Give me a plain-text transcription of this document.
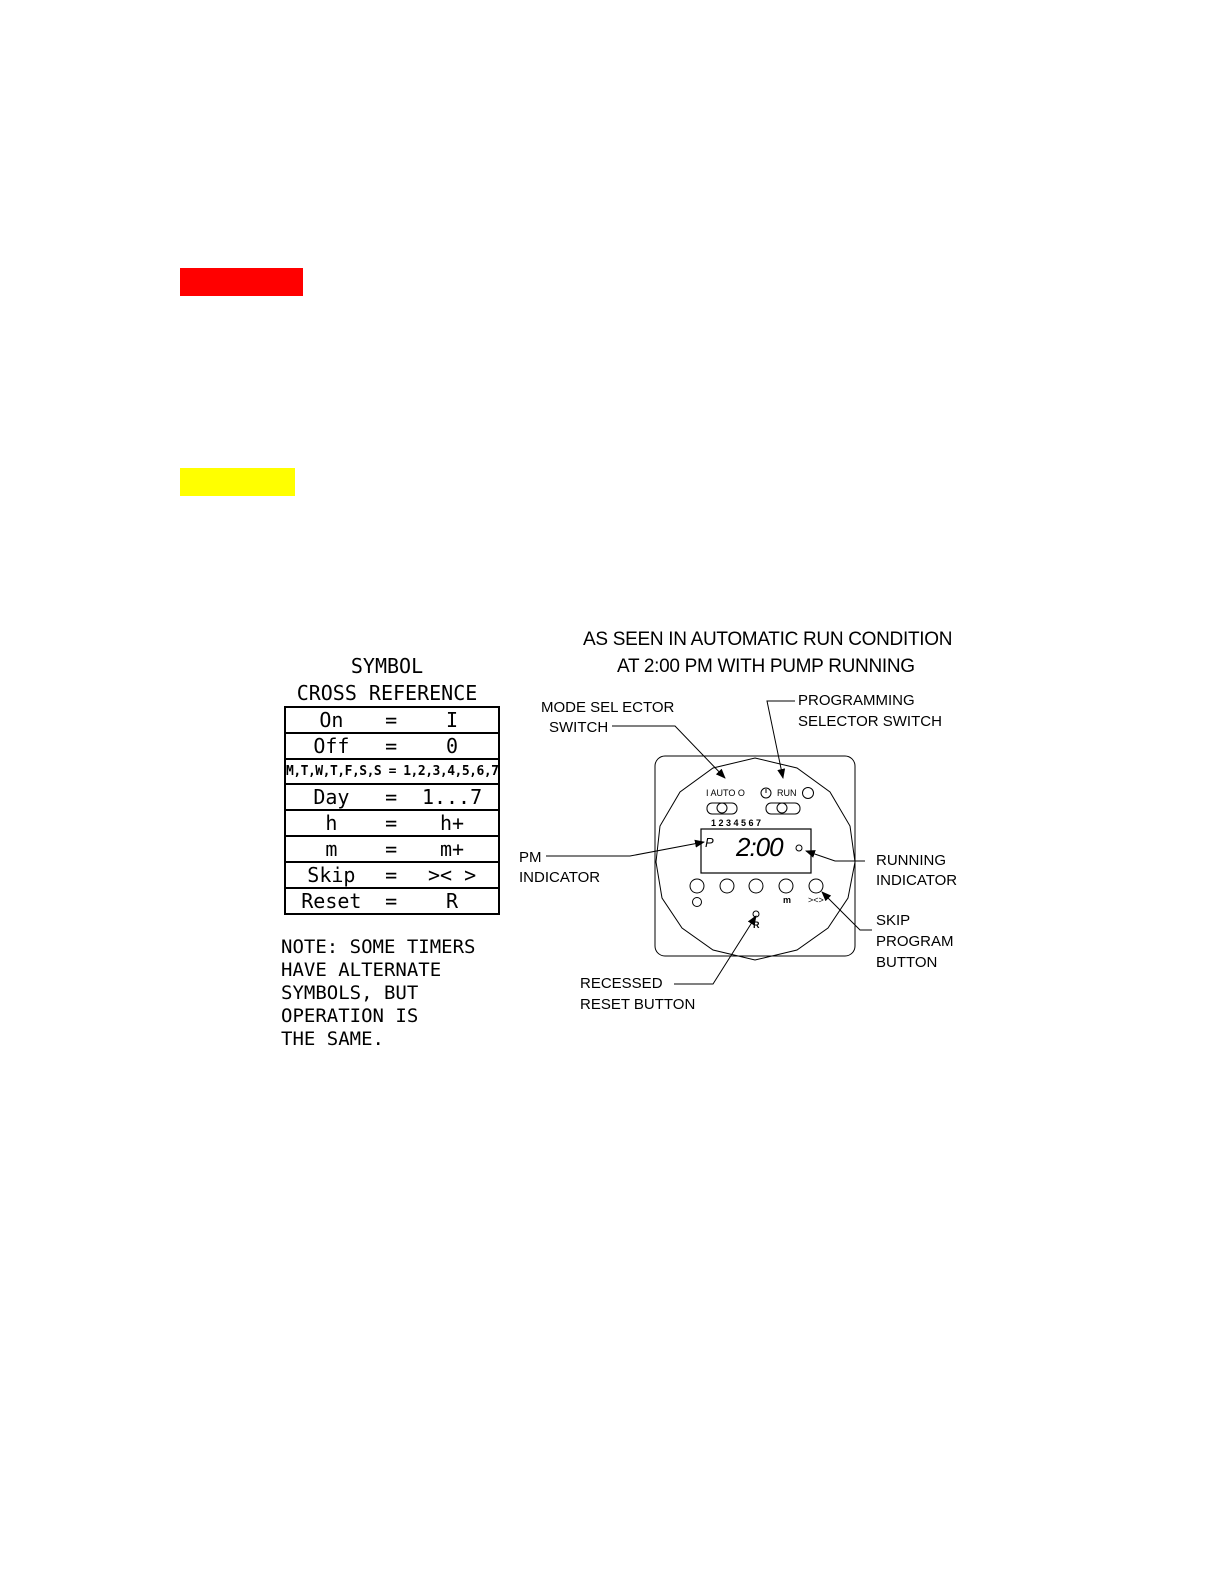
SYMBOL
CROSS REFERENCE
On	=	I
Off	=	0
M,T,W,T,F,S,S = 1,2,3,4,5,6,7		
Day	=	1...7
h	=	h+
m	=	m+
Skip	=	>< >
Reset	=	R
NOTE: SOME TIMERS
HAVE ALTERNATE
SYMBOLS, BUT
OPERATION IS
THE SAME.
AS SEEN IN AUTOMATIC RUN CONDITION
AT 2:00 PM WITH PUMP RUNNING
MODE SEL ECTOR
SWITCH
PROGRAMMING
SELECTOR SWITCH
PM
INDICATOR
RUNNING
INDICATOR
SKIP
PROGRAM
BUTTON
RECESSED
RESET BUTTON
I AUTO O	RUN
1 2 3 4 5 6 7
P 2:00
m ><>
R
